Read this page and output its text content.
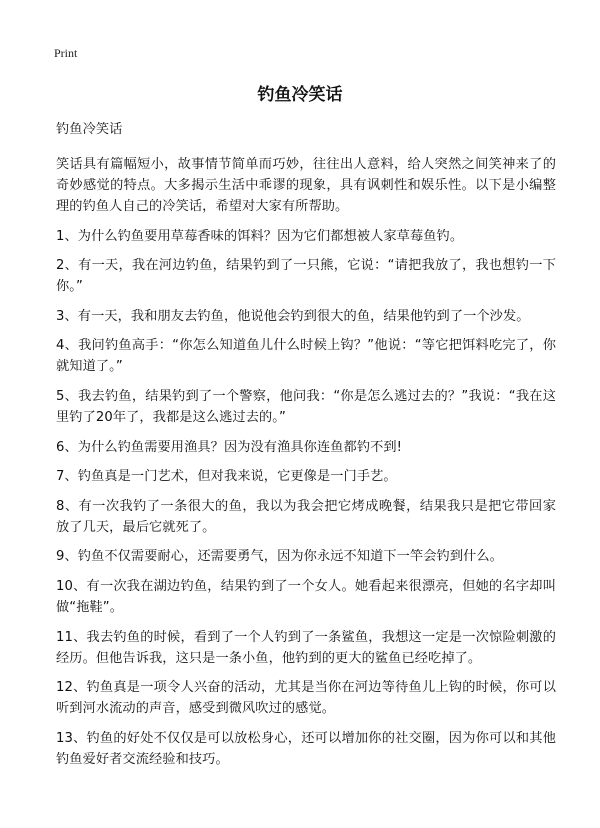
Print
钓鱼冷笑话

钓鱼冷笑话

笑话具有篇幅短小，故事情节简单而巧妙，往往出人意料，给人突然之间笑神来了的奇妙感觉的特点。大多揭示生活中乖谬的现象，具有讽刺性和娱乐性。以下是小编整理的钓鱼人自己的冷笑话，希望对大家有所帮助。

1、为什么钓鱼要用草莓香味的饵料？因为它们都想被人家草莓鱼钓。

2、有一天，我在河边钓鱼，结果钓到了一只熊，它说：“请把我放了，我也想钓一下你。”

3、有一天，我和朋友去钓鱼，他说他会钓到很大的鱼，结果他钓到了一个沙发。

4、我问钓鱼高手：“你怎么知道鱼儿什么时候上钩？”他说：“等它把饵料吃完了，你就知道了。”

5、我去钓鱼，结果钓到了一个警察，他问我：“你是怎么逃过去的？”我说：“我在这里钓了20年了，我都是这么逃过去的。”

6、为什么钓鱼需要用渔具？因为没有渔具你连鱼都钓不到!

7、钓鱼真是一门艺术，但对我来说，它更像是一门手艺。

8、有一次我钓了一条很大的鱼，我以为我会把它烤成晚餐，结果我只是把它带回家放了几天，最后它就死了。

9、钓鱼不仅需要耐心，还需要勇气，因为你永远不知道下一竿会钓到什么。

10、有一次我在湖边钓鱼，结果钓到了一个女人。她看起来很漂亮，但她的名字却叫做“拖鞋”。

11、我去钓鱼的时候，看到了一个人钓到了一条鲨鱼，我想这一定是一次惊险刺激的经历。但他告诉我，这只是一条小鱼，他钓到的更大的鲨鱼已经吃掉了。

12、钓鱼真是一项令人兴奋的活动，尤其是当你在河边等待鱼儿上钩的时候，你可以听到河水流动的声音，感受到微风吹过的感觉。

13、钓鱼的好处不仅仅是可以放松身心，还可以增加你的社交圈，因为你可以和其他钓鱼爱好者交流经验和技巧。
